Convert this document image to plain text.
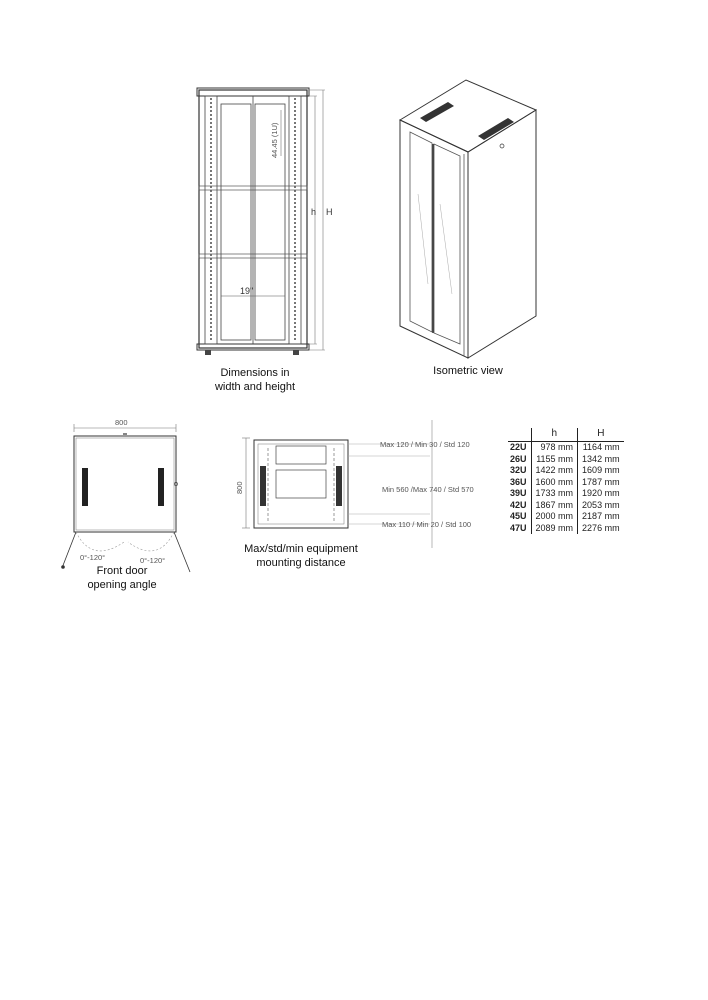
h H
19"
44.45 (1U)
Dimensions in
width and height
Isometric view
800
0°-120°	0°-120°
Front door
opening angle
800
Max 120 / Min 30 / Std 120
Min 560 /Max 740 / Std 570
Max 110 / Min 20 / Std 100
Max/std/min equipment
mounting distance
	h	H
22U	978 mm	1164 mm
26U	1155 mm	1342 mm
32U	1422 mm	1609 mm
36U	1600 mm	1787 mm
39U	1733 mm	1920 mm
42U	1867 mm	2053 mm
45U	2000 mm	2187 mm
47U	2089 mm	2276 mm
